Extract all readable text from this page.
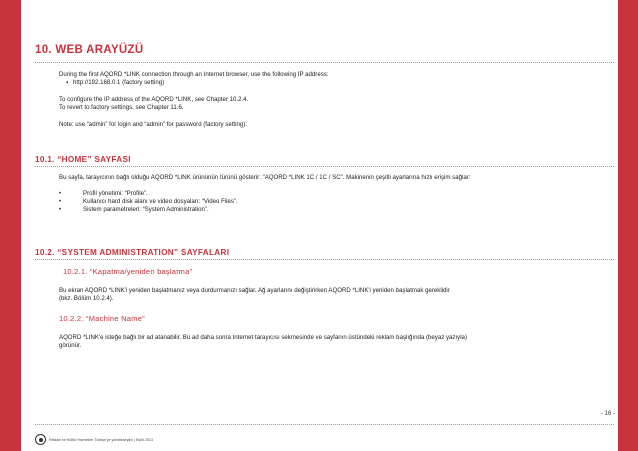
10. WEB ARAYÜZÜ
During the first AQORD *LINK connection through an Internet browser, use the following IP address:
▪ http://192.168.0.1 (factory setting)
To configure the IP address of the AQORD *LINK, see Chapter 10.2.4.
To revert to factory settings, see Chapter 11.6.
Note: use “admin” for login and “admin” for password (factory setting).
10.1. “HOME” SAYFASI
Bu sayfa, tarayıcının bağlı olduğu AQORD *LINK ürününün türünü gösterir: "AQORD *LINK 1C / 1C / SC". Makinenin çeşitli ayarlarına hızlı erişim sağlar:
•	Profil yönetimi: “Profile”.
•	Kullanıcı hard disk alanı ve video dosyaları: “Video Files”.
•	Sistem parametreleri: “System Administration”.
10.2. “SYSTEM ADMINISTRATION” SAYFALARI
10.2.1. “Kapatma/yeniden başlatma”
Bu ekran AQORD *LINK'i yeniden başlatmanız veya durdurmanızı sağlar. Ağ ayarlarını değiştirirken AQORD *LINK'i yeniden başlatmak gereklidir
(bkz. Bölüm 10.2.4).
10.2.2. “Machine Name”
AQORD *LINK'e isteğe bağlı bir ad atanabilir. Bu ad daha sonra Internet tarayıcısı sekmesinde ve sayfanın üstündeki reklam başlığında (beyaz yazıyla)
görünür.
- 16 -
Reklam ve Kültür Hizmetleri Türkiye'ye yönelikseydin | Eylül 2013
